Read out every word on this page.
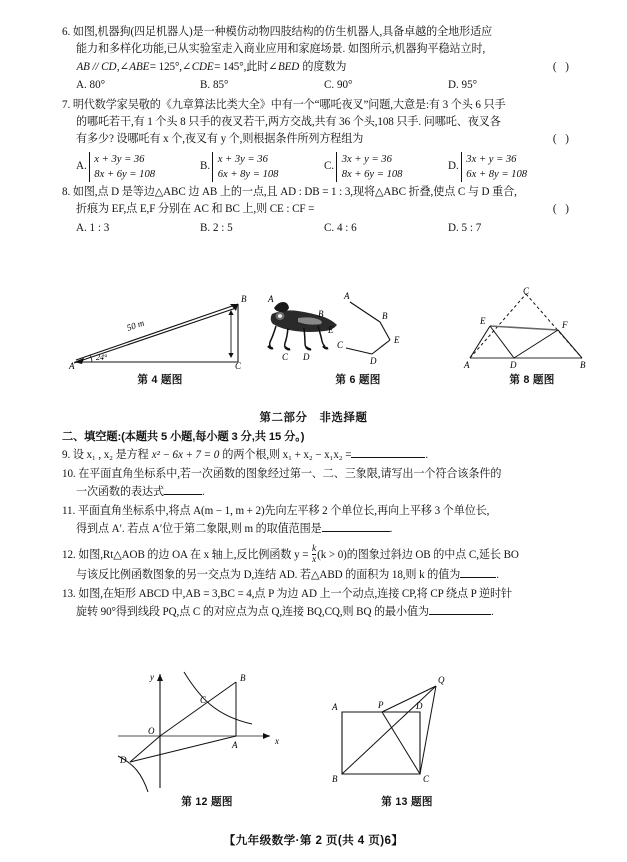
6. 如图,机器狗(四足机器人)是一种模仿动物四肢结构的仿生机器人,具备卓越的全地形适应
能力和多样化功能,已从实验室走入商业应用和家庭场景. 如图所示,机器狗平稳站立时,
( )
AB // CD,∠ABE= 125°,∠CDE= 145°,此时∠BED 的度数为
A. 80°	B. 85°	C. 90°	D. 95°
7. 明代数学家吴敬的《九章算法比类大全》中有一个“哪吒夜叉”问题,大意是:有 3 个头 6 只手
的哪吒若干,有 1 个头 8 只手的夜叉若干,两方交战,共有 36 个头,108 只手. 问哪吒、夜叉各
( )
有多少? 设哪吒有 x 个,夜叉有 y 个,则根据条件所列方程组为
A.
x + 3y = 36 8x + 6y = 108
B.
x + 3y = 36 6x + 8y = 108
C.
3x + y = 36 8x + 6y = 108
D.
3x + y = 36 6x + 8y = 108
8. 如图,点 D 是等边△ABC 边 AB 上的一点,且 AD : DB = 1 : 3,现将△ABC 折叠,使点 C 与 D 重合,
( )
折痕为 EF,点 E,F 分别在 AC 和 BC 上,则 CE : CF =
A. 1 : 3	B. 2 : 5	C. 4 : 6	D. 5 : 7
A
B
C
50 m
24°
A
B
C D
E
A
B
C
D
E
A	B
C
D
E	F
第 4 题图	第 6 题图	第 8 题图
第二部分　非选择题
二、填空题:(本题共 5 小题,每小题 3 分,共 15 分。)
9. 设 x₁ , x₂ 是方程 x² − 6x + 7 = 0 的两个根,则 x₁ + x₂ − x₁x₂ =	.
10. 在平面直角坐标系中,若一次函数的图象经过第一、二、三象限,请写出一个符合该条件的
一次函数的表达式	.
11. 平面直角坐标系中,将点 A(m − 1, m + 2)先向左平移 2 个单位长,再向上平移 3 个单位长,
得到点 A′. 若点 A′位于第二象限,则 m 的取值范围是	.
12. 如图,Rt△AOB 的边 OA 在 x 轴上,反比例函数 $y = \frac{k}{x} (k > 0)$的图象过斜边 OB 的中点 C,延长 BO
与该反比例函数图象的另一交点为 D,连结 AD. 若△ABD 的面积为 18,则 k 的值为	.
13. 如图,在矩形 ABCD 中,AB = 3,BC = 4,点 P 为边 AD 上一个动点,连接 CP,将 CP 绕点 P 逆时针
旋转 90°得到线段 PQ,点 C 的对应点为点 Q,连接 BQ,CQ,则 BQ 的最小值为	.
y
O
x
A
B
C
D
A
B	C
D
P
Q
第 12 题图	第 13 题图
【九年级数学·第 2 页(共 4 页)6】
